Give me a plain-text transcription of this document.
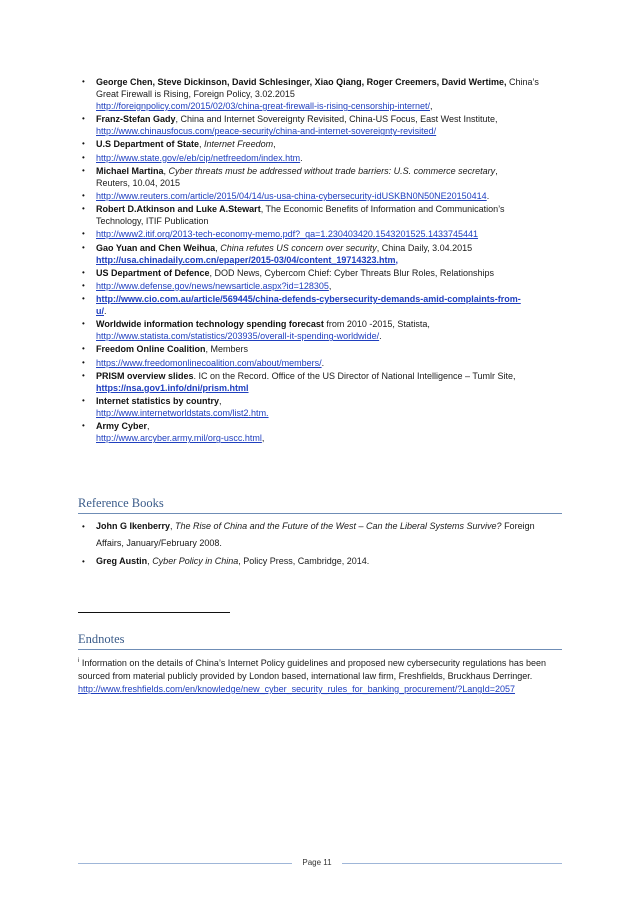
• George Chen, Steve Dickinson, David Schlesinger, Xiao Qiang, Roger Creemers, David Wertime, China’s
Great Firewall is Rising, Foreign Policy, 3.02.2015
http://foreignpolicy.com/2015/02/03/china-great-firewall-is-rising-censorship-internet/,
• Franz-Stefan Gady, China and Internet Sovereignty Revisited, China-US Focus, East West Institute,
http://www.chinausfocus.com/peace-security/china-and-internet-sovereignty-revisited/
• U.S Department of State, Internet Freedom,
• http://www.state.gov/e/eb/cip/netfreedom/index.htm.
• Michael Martina, Cyber threats must be addressed without trade barriers: U.S. commerce secretary,
Reuters, 10.04, 2015
• http://www.reuters.com/article/2015/04/14/us-usa-china-cybersecurity-idUSKBN0N50NE20150414.
• Robert D.Atkinson and Luke A.Stewart, The Economic Benefits of Information and Communication’s
Technology, ITIF Publication
• http://www2.itif.org/2013-tech-economy-memo.pdf?_ga=1.230403420.1543201525.1433745441
• Gao Yuan and Chen Weihua, China refutes US concern over security, China Daily, 3.04.2015
http://usa.chinadaily.com.cn/epaper/2015-03/04/content_19714323.htm,
• US Department of Defence, DOD News, Cybercom Chief: Cyber Threats Blur Roles, Relationships
• http://www.defense.gov/news/newsarticle.aspx?id=128305,
• http://www.cio.com.au/article/569445/china-defends-cybersecurity-demands-amid-complaints-from-
u/.
• Worldwide information technology spending forecast from 2010 -2015, Statista,
http://www.statista.com/statistics/203935/overall-it-spending-worldwide/.
• Freedom Online Coalition, Members
• https://www.freedomonlinecoalition.com/about/members/.
• PRISM overview slides. IC on the Record. Office of the US Director of National Intelligence – Tumlr Site,
https://nsa.gov1.info/dni/prism.html
• Internet statistics by country,
http://www.internetworldstats.com/list2.htm.
• Army Cyber,
http://www.arcyber.army.mil/org-uscc.html,
Reference Books
• John G Ikenberry, The Rise of China and the Future of the West – Can the Liberal Systems Survive? Foreign
Affairs, January/February 2008.
• Greg Austin, Cyber Policy in China, Policy Press, Cambridge, 2014.
Endnotes
$^i$ Information on the details of China’s Internet Policy guidelines and proposed new cybersecurity regulations has been sourced from material publicly provided by London based, international law firm, Freshfields, Bruckhaus Derringer.
http://www.freshfields.com/en/knowledge/new_cyber_security_rules_for_banking_procurement/?LangId=2057
Page 11
